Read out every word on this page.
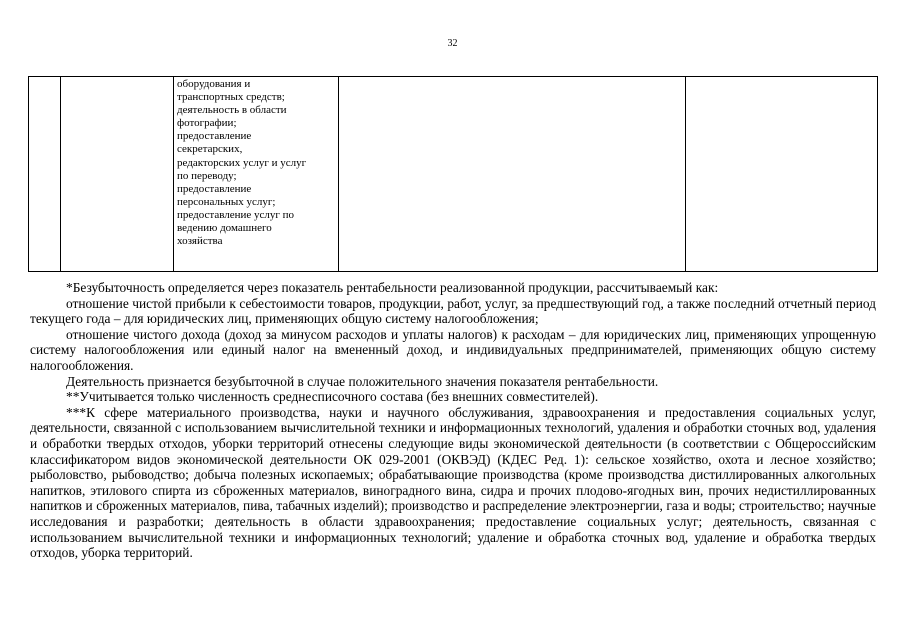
32

оборудования и
транспортных средств;
деятельность в области
фотографии;
предоставление
секретарских,
редакторских услуг и услуг
по переводу;
предоставление
персональных услуг;
предоставление услуг по
ведению домашнего
хозяйства

*Безубыточность определяется через показатель рентабельности реализованной продукции, рассчитываемый как:

отношение чистой прибыли к себестоимости товаров, продукции, работ, услуг, за предшествующий год, а также последний отчетный период текущего года – для юридических лиц, применяющих общую систему налогообложения;

отношение чистого дохода (доход за минусом расходов и уплаты налогов) к расходам – для юридических лиц, применяющих упрощенную систему налогообложения или единый налог на вмененный доход, и индивидуальных предпринимателей, применяющих общую систему налогообложения.

Деятельность признается безубыточной в случае положительного значения показателя рентабельности.

**Учитывается только численность среднесписочного состава (без внешних совместителей).

***К сфере материального производства, науки и научного обслуживания, здравоохранения и предоставления социальных услуг, деятельности, связанной с использованием вычислительной техники и информационных технологий, удаления и обработки сточных вод, удаления и обработки твердых отходов, уборки территорий отнесены следующие виды экономической деятельности (в соответствии с Общероссийским классификатором видов экономической деятельности ОК 029-2001 (ОКВЭД) (КДЕС Ред. 1): сельское хозяйство, охота и лесное хозяйство; рыболовство, рыбоводство; добыча полезных ископаемых; обрабатывающие производства (кроме производства дистиллированных алкогольных напитков, этилового спирта из сброженных материалов, виноградного вина, сидра и прочих плодово-ягодных вин, прочих недистиллированных напитков и сброженных материалов, пива, табачных изделий); производство и распределение электроэнергии, газа и воды; строительство; научные исследования и разработки; деятельность в области здравоохранения; предоставление социальных услуг; деятельность, связанная с использованием вычислительной техники и информационных технологий; удаление и обработка сточных вод, удаление и обработка твердых отходов, уборка территорий.
